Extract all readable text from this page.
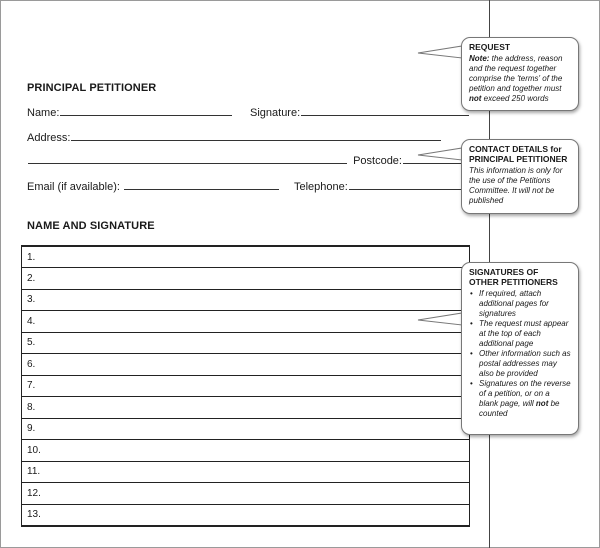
PRINCIPAL PETITIONER
Name:	Signature:
Address:
Postcode:
Email (if available):	Telephone:
NAME AND SIGNATURE
1.
2.
3.
4.
5.
6.
7.
8.
9.
10.
11.
12.
13.
REQUEST
Note: the address, reason and the request together comprise the 'terms' of the petition and together must not exceed 250 words
CONTACT DETAILS for
PRINCIPAL PETITIONER
This information is only for the use of the Petitions Committee. It will not be published
SIGNATURES OF
OTHER PETITIONERS
• If required, attach additional pages for signatures
• The request must appear at the top of each additional page
• Other information such as postal addresses may also be provided
• Signatures on the reverse of a petition, or on a blank page, will not be counted
